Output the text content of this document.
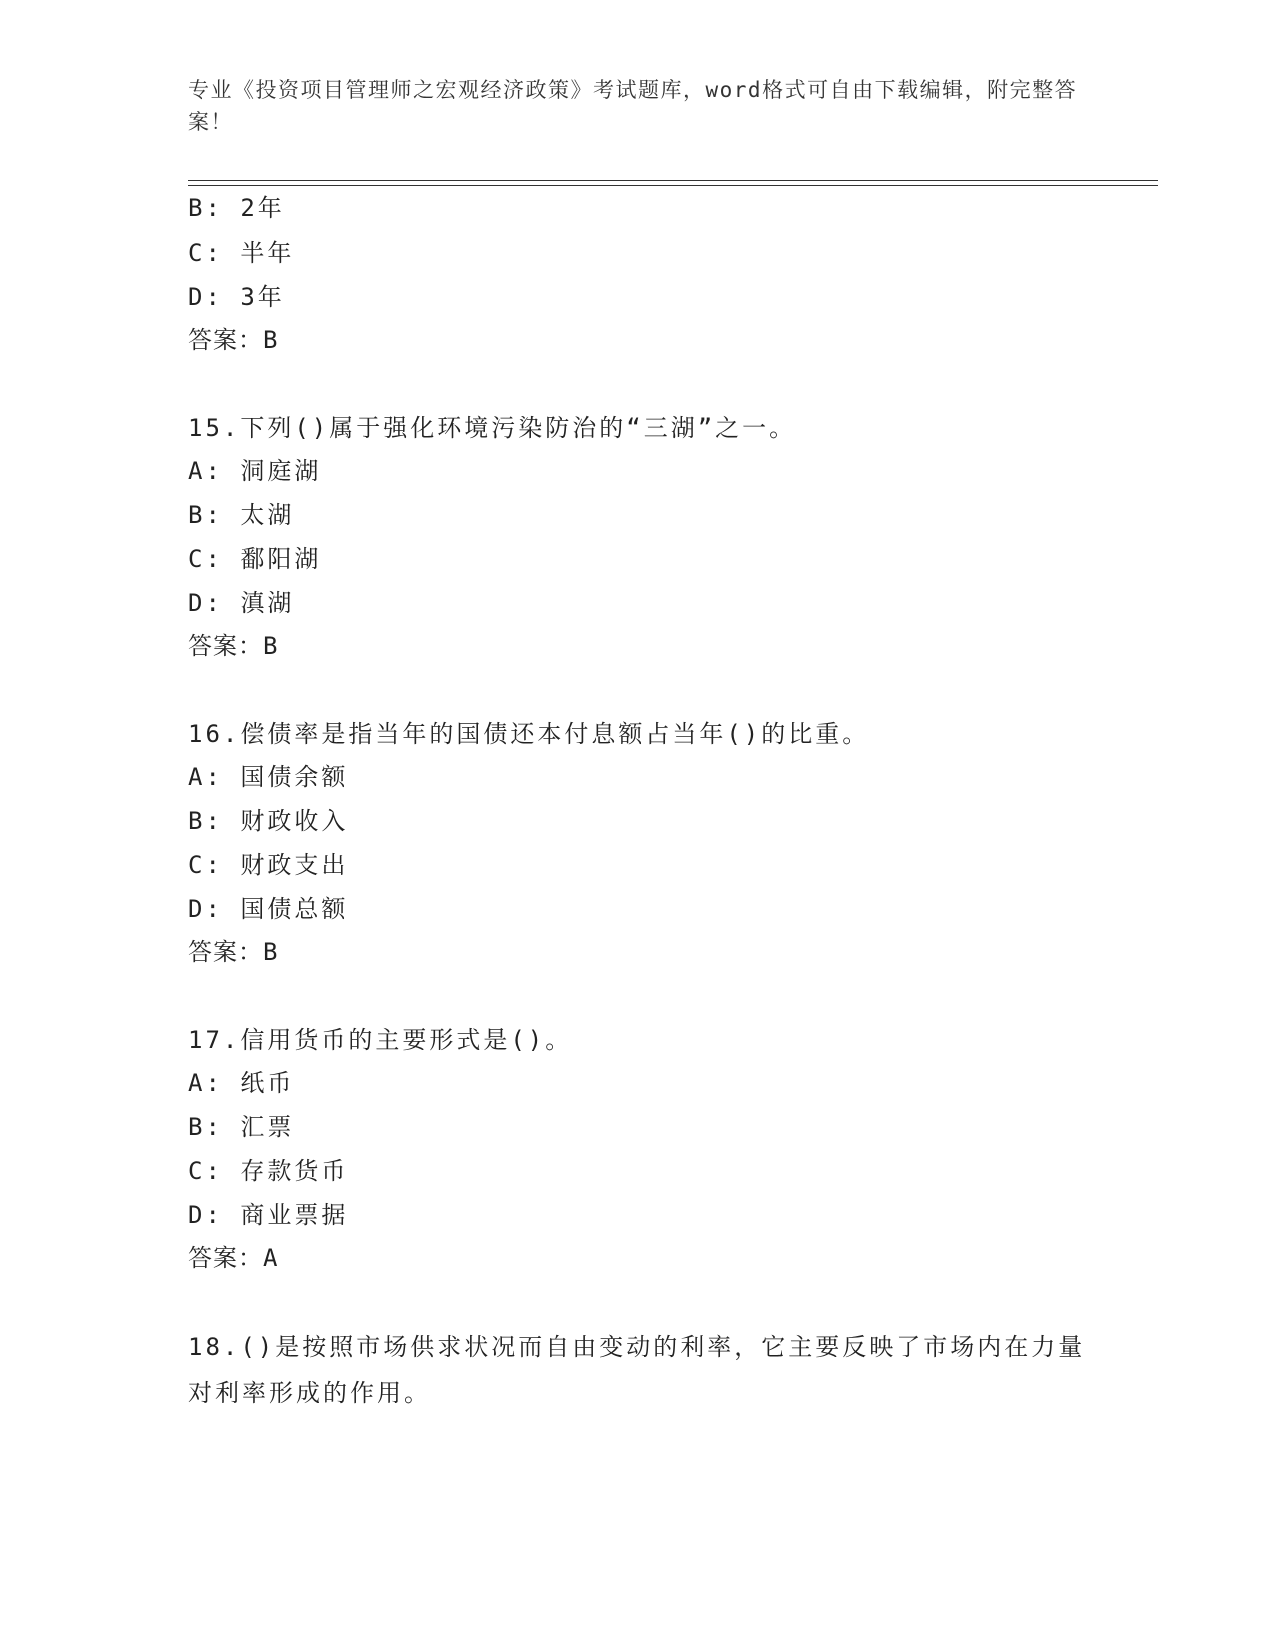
专业《投资项目管理师之宏观经济政策》考试题库，word格式可自由下载编辑，附完整答案！
B: 2年
C: 半年
D: 3年
答案：B
15.下列()属于强化环境污染防治的“三湖”之一。
A: 洞庭湖
B: 太湖
C: 鄱阳湖
D: 滇湖
答案：B
16.偿债率是指当年的国债还本付息额占当年()的比重。
A: 国债余额
B: 财政收入
C: 财政支出
D: 国债总额
答案：B
17.信用货币的主要形式是()。
A: 纸币
B: 汇票
C: 存款货币
D: 商业票据
答案：A
18.()是按照市场供求状况而自由变动的利率，它主要反映了市场内在力量对利率形成的作用。
